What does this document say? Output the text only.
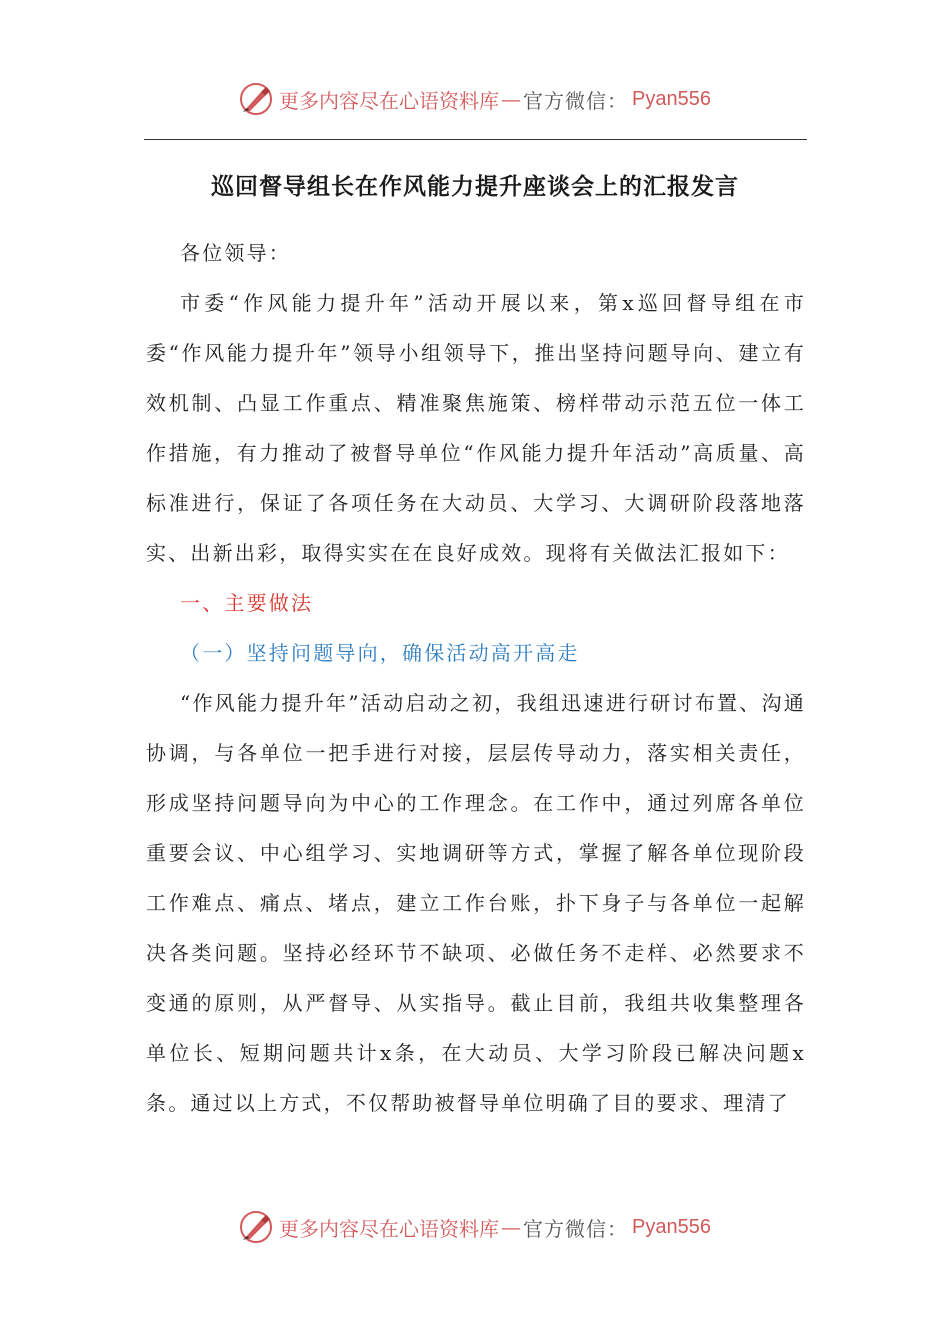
更多内容尽在心语资料库 — 官方微信： Pyan556
巡回督导组长在作风能力提升座谈会上的汇报发言

各位领导：

市委“作风能力提升年”活动开展以来，第x巡回督导组在市委“作风能力提升年”领导小组领导下，推出坚持问题导向、建立有效机制、凸显工作重点、精准聚焦施策、榜样带动示范五位一体工作措施，有力推动了被督导单位“作风能力提升年活动”高质量、高标准进行，保证了各项任务在大动员、大学习、大调研阶段落地落实、出新出彩，取得实实在在良好成效。现将有关做法汇报如下：

一、主要做法

（一）坚持问题导向，确保活动高开高走

“作风能力提升年”活动启动之初，我组迅速进行研讨布置、沟通协调，与各单位一把手进行对接，层层传导动力，落实相关责任，形成坚持问题导向为中心的工作理念。在工作中，通过列席各单位重要会议、中心组学习、实地调研等方式，掌握了解各单位现阶段工作难点、痛点、堵点，建立工作台账，扑下身子与各单位一起解决各类问题。坚持必经环节不缺项、必做任务不走样、必然要求不变通的原则，从严督导、从实指导。截止目前，我组共收集整理各单位长、短期问题共计x条，在大动员、大学习阶段已解决问题x条。通过以上方式，不仅帮助被督导单位明确了目的要求、理清了

更多内容尽在心语资料库 — 官方微信： Pyan556
